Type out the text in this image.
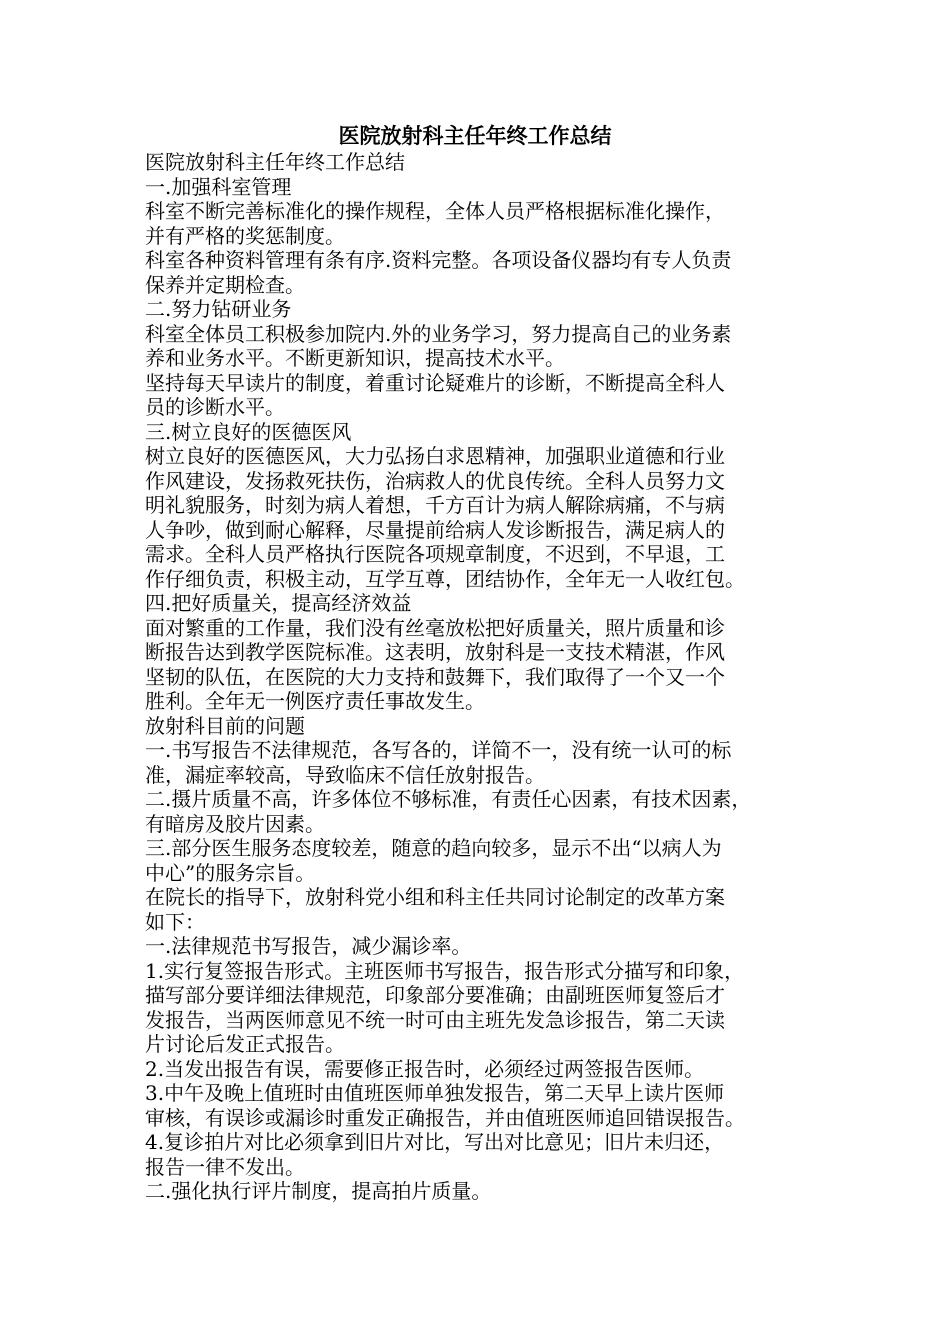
医院放射科主任年终工作总结

医院放射科主任年终工作总结

一.加强科室管理

科室不断完善标准化的操作规程，全体人员严格根据标准化操作，

并有严格的奖惩制度。

科室各种资料管理有条有序.资料完整。各项设备仪器均有专人负责

保养并定期检查。

二.努力钻研业务

科室全体员工积极参加院内.外的业务学习，努力提高自己的业务素

养和业务水平。不断更新知识，提高技术水平。

坚持每天早读片的制度，着重讨论疑难片的诊断，不断提高全科人

员的诊断水平。

三.树立良好的医德医风

树立良好的医德医风，大力弘扬白求恩精神，加强职业道德和行业

作风建设，发扬救死扶伤，治病救人的优良传统。全科人员努力文

明礼貌服务，时刻为病人着想，千方百计为病人解除病痛，不与病

人争吵，做到耐心解释，尽量提前给病人发诊断报告，满足病人的

需求。全科人员严格执行医院各项规章制度，不迟到，不早退，工

作仔细负责，积极主动，互学互尊，团结协作，全年无一人收红包。

四.把好质量关，提高经济效益

面对繁重的工作量，我们没有丝毫放松把好质量关，照片质量和诊

断报告达到教学医院标准。这表明，放射科是一支技术精湛，作风

坚韧的队伍，在医院的大力支持和鼓舞下，我们取得了一个又一个

胜利。全年无一例医疗责任事故发生。

放射科目前的问题

一.书写报告不法律规范，各写各的，详简不一，没有统一认可的标

准，漏症率较高，导致临床不信任放射报告。

二.摄片质量不高，许多体位不够标准，有责任心因素，有技术因素，

有暗房及胶片因素。

三.部分医生服务态度较差，随意的趋向较多，显示不出“以病人为

中心”的服务宗旨。

在院长的指导下，放射科党小组和科主任共同讨论制定的改革方案

如下：

一.法律规范书写报告，减少漏诊率。

1.实行复签报告形式。主班医师书写报告，报告形式分描写和印象，

描写部分要详细法律规范，印象部分要准确；由副班医师复签后才

发报告，当两医师意见不统一时可由主班先发急诊报告，第二天读

片讨论后发正式报告。

2.当发出报告有误，需要修正报告时，必须经过两签报告医师。

3.中午及晚上值班时由值班医师单独发报告，第二天早上读片医师

审核，有误诊或漏诊时重发正确报告，并由值班医师追回错误报告。

4.复诊拍片对比必须拿到旧片对比，写出对比意见；旧片未归还，

报告一律不发出。

二.强化执行评片制度，提高拍片质量。
